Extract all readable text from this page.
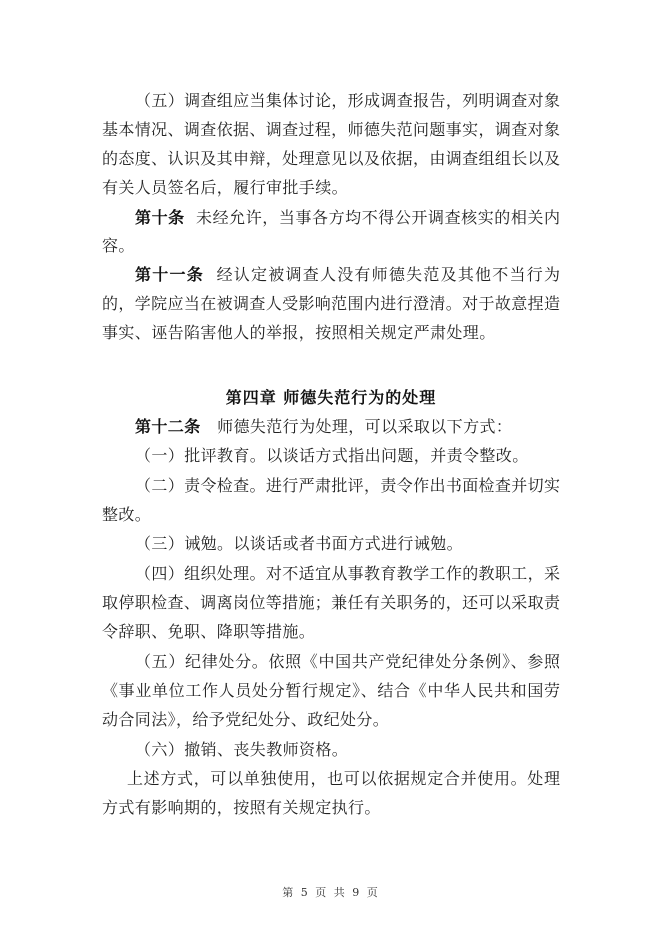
（五）调查组应当集体讨论，形成调查报告，列明调查对象
基本情况、调查依据、调查过程，师德失范问题事实，调查对象
的态度、认识及其申辩，处理意见以及依据，由调查组组长以及
有关人员签名后，履行审批手续。
第十条 未经允许，当事各方均不得公开调查核实的相关内
容。
第十一条 经认定被调查人没有师德失范及其他不当行为
的，学院应当在被调查人受影响范围内进行澄清。对于故意捏造
事实、诬告陷害他人的举报，按照相关规定严肃处理。
第四章 师德失范行为的处理
第十二条 师德失范行为处理，可以采取以下方式：
（一）批评教育。以谈话方式指出问题，并责令整改。
（二）责令检查。进行严肃批评，责令作出书面检查并切实
整改。
（三）诫勉。以谈话或者书面方式进行诫勉。
（四）组织处理。对不适宜从事教育教学工作的教职工，采
取停职检查、调离岗位等措施；兼任有关职务的，还可以采取责
令辞职、免职、降职等措施。
（五）纪律处分。依照《中国共产党纪律处分条例》、参照
《事业单位工作人员处分暂行规定》、结合《中华人民共和国劳
动合同法》，给予党纪处分、政纪处分。
（六）撤销、丧失教师资格。
上述方式，可以单独使用，也可以依据规定合并使用。处理
方式有影响期的，按照有关规定执行。
第 5 页 共 9 页
